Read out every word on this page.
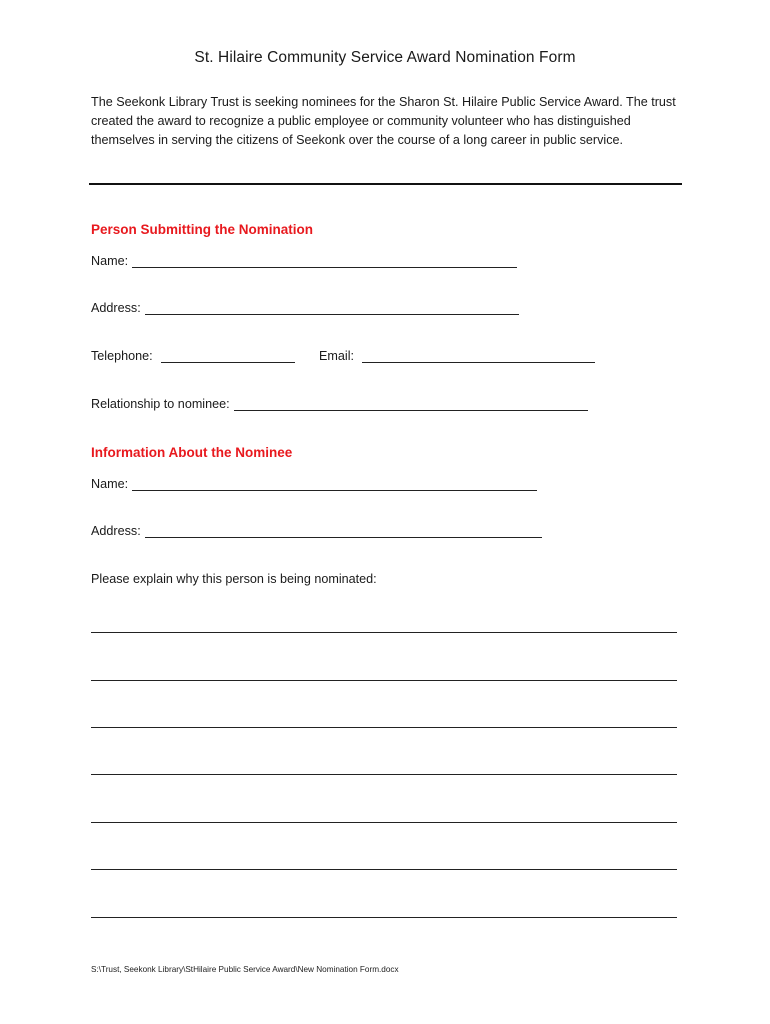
St. Hilaire Community Service Award Nomination Form
The Seekonk Library Trust is seeking nominees for the Sharon St. Hilaire Public Service Award. The trust created the award to recognize a public employee or community volunteer who has distinguished themselves in serving the citizens of Seekonk over the course of a long career in public service.
Person Submitting the Nomination
Name:
Address:
Telephone:	Email:
Relationship to nominee:
Information About the Nominee
Name:
Address:
Please explain why this person is being nominated:
S:\Trust, Seekonk Library\StHilaire Public Service Award\New Nomination Form.docx
